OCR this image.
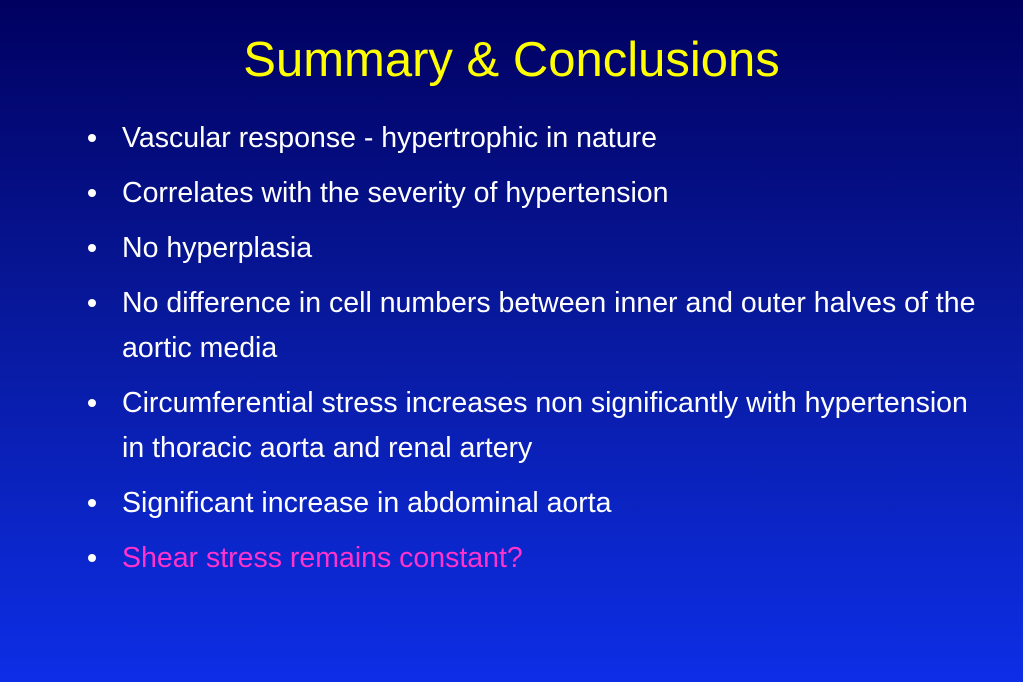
Summary & Conclusions
Vascular response - hypertrophic in nature
Correlates with the severity of hypertension
No hyperplasia
No difference in cell numbers between inner and outer halves of the aortic media
Circumferential stress increases non significantly with hypertension in thoracic aorta and renal artery
Significant increase in abdominal aorta
Shear stress remains constant?
